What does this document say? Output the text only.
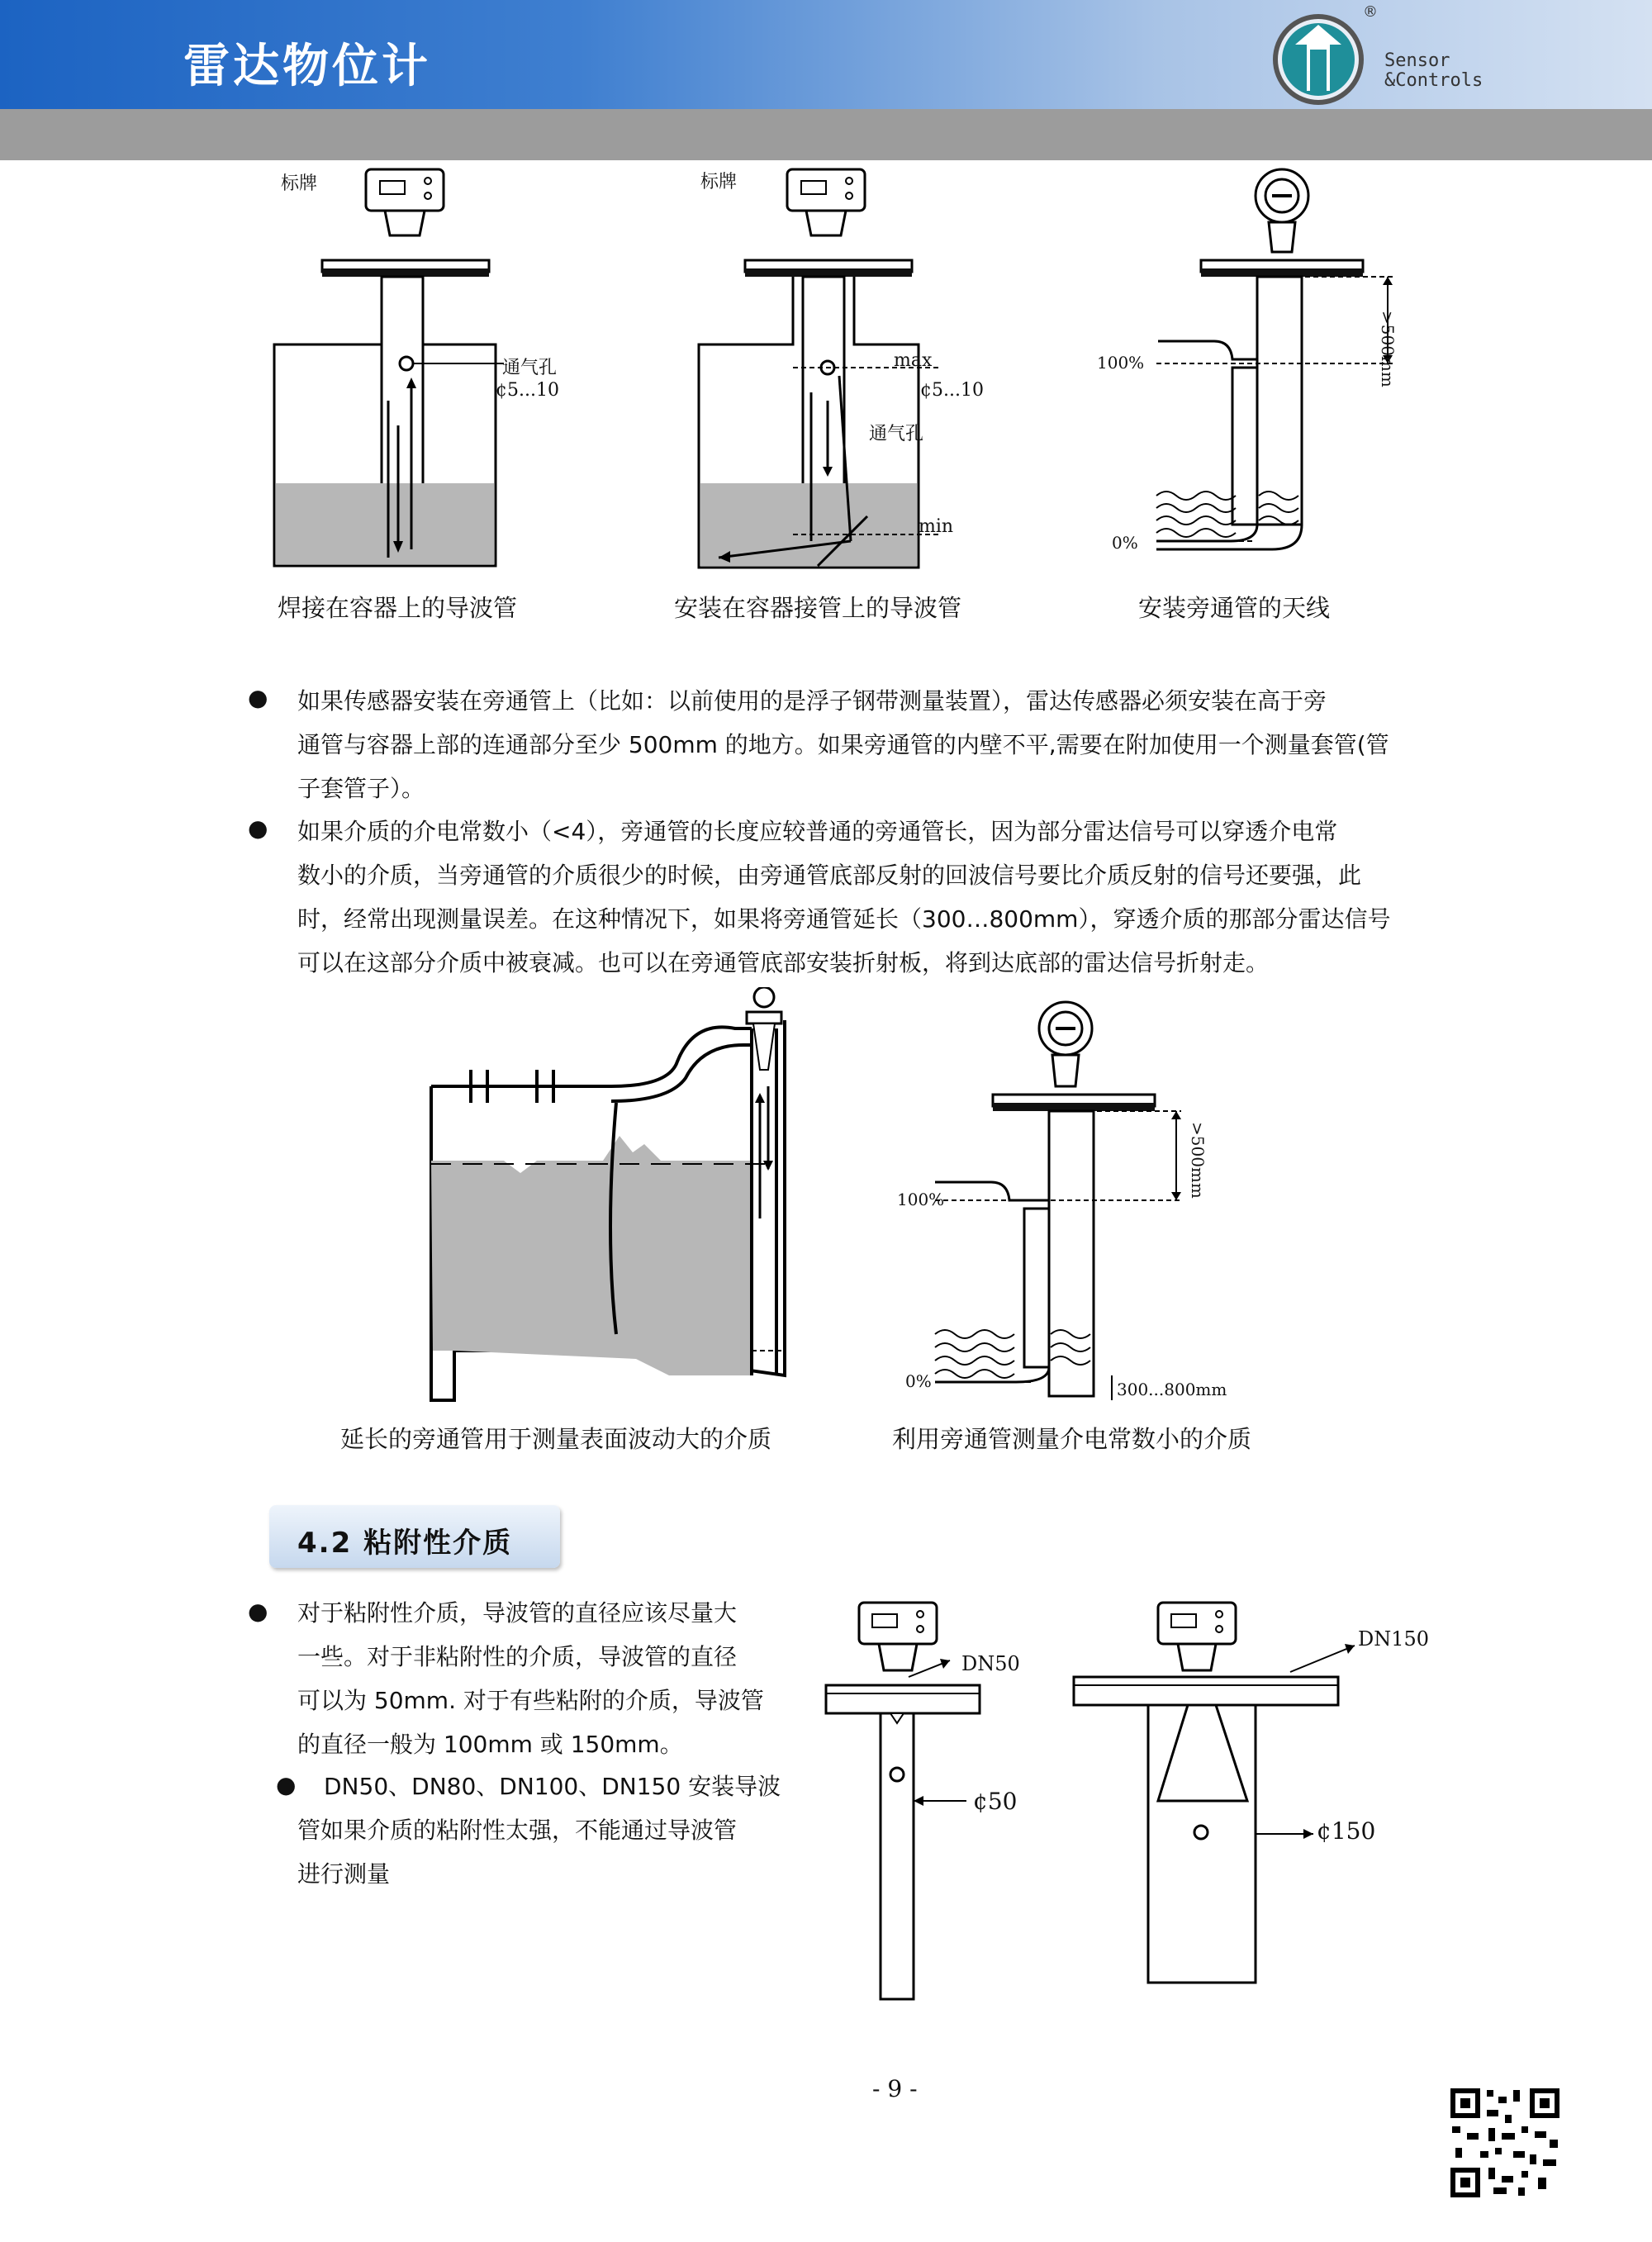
雷达物位计
®
Sensor
&Controls
标牌
通气孔
¢5...10
焊接在容器上的导波管
标牌
max
¢5...10
通气孔
min
安装在容器接管上的导波管
100%
0%
>500mm
安装旁通管的天线
● 如果传感器安装在旁通管上（比如：以前使用的是浮子钢带测量装置），雷达传感器必须安装在高于旁
通管与容器上部的连通部分至少 500mm 的地方。如果旁通管的内壁不平,需要在附加使用一个测量套管(管
子套管子）。
● 如果介质的介电常数小（<4），旁通管的长度应较普通的旁通管长，因为部分雷达信号可以穿透介电常
数小的介质，当旁通管的介质很少的时候，由旁通管底部反射的回波信号要比介质反射的信号还要强，此
时，经常出现测量误差。在这种情况下，如果将旁通管延长（300…800mm），穿透介质的那部分雷达信号
可以在这部分介质中被衰减。也可以在旁通管底部安装折射板，将到达底部的雷达信号折射走。
延长的旁通管用于测量表面波动大的介质
100%
0%
>500mm
300...800mm
利用旁通管测量介电常数小的介质
4.2 粘附性介质
● 对于粘附性介质，导波管的直径应该尽量大
一些。对于非粘附性的介质，导波管的直径
可以为 50mm. 对于有些粘附的介质，导波管
的直径一般为 100mm 或 150mm。
●	DN50、DN80、DN100、DN150 安装导波
管如果介质的粘附性太强，不能通过导波管
进行测量
DN50
¢50
DN150
¢150
- 9 -
